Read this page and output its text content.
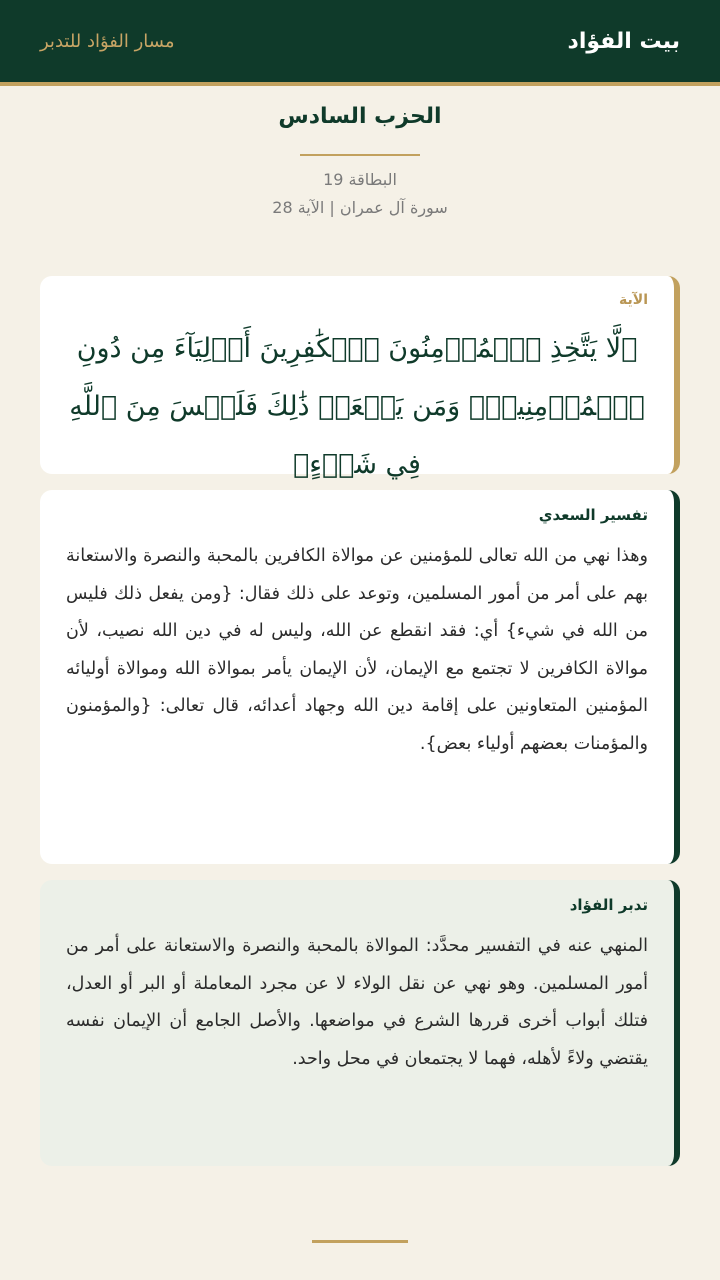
بيت الفؤاد
مسار الفؤاد للتدبر
الحزب السادس
البطاقة 19
سورة آل عمران | الآية 28
الآية
﴿لَّا يَتَّخِذِ ٱلۡمُؤۡمِنُونَ ٱلۡكَٰفِرِينَ أَوۡلِيَآءَ مِن دُونِ ٱلۡمُؤۡمِنِينَۖ وَمَن يَفۡعَلۡ ذَٰلِكَ فَلَيۡسَ مِنَ ٱللَّهِ فِي شَيۡءٍ﴾
تفسير السعدي
وهذا نهي من الله تعالى للمؤمنين عن موالاة الكافرين بالمحبة والنصرة والاستعانة بهم على أمر من أمور المسلمين، وتوعد على ذلك فقال: {ومن يفعل ذلك فليس من الله في شيء} أي: فقد انقطع عن الله، وليس له في دين الله نصيب، لأن موالاة الكافرين لا تجتمع مع الإيمان، لأن الإيمان يأمر بموالاة الله وموالاة أوليائه المؤمنين المتعاونين على إقامة دين الله وجهاد أعدائه، قال تعالى: {والمؤمنون والمؤمنات بعضهم أولياء بعض}.
تدبر الفؤاد
المنهي عنه في التفسير محدَّد: الموالاة بالمحبة والنصرة والاستعانة على أمر من أمور المسلمين. وهو نهي عن نقل الولاء لا عن مجرد المعاملة أو البر أو العدل، فتلك أبواب أخرى قررها الشرع في مواضعها. والأصل الجامع أن الإيمان نفسه يقتضي ولاءً لأهله، فهما لا يجتمعان في محل واحد.
